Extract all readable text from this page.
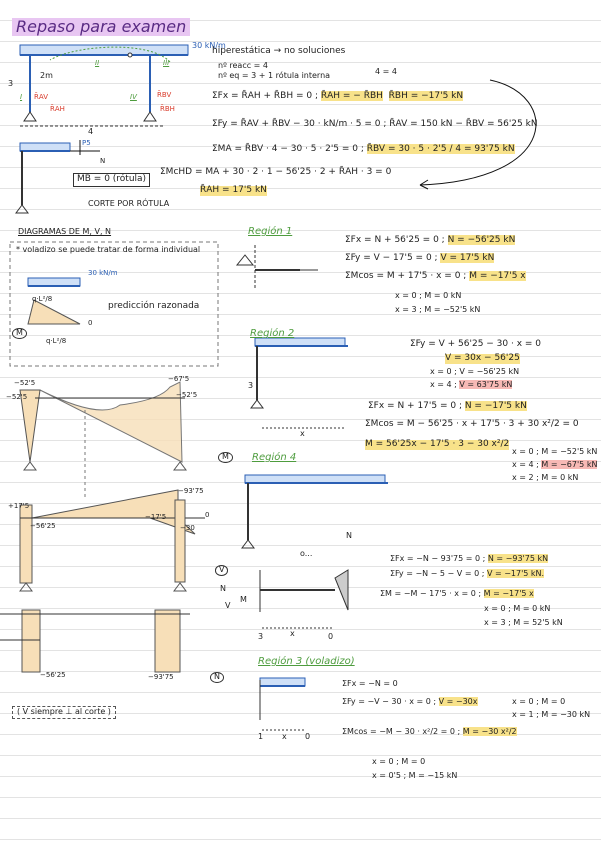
Repaso para examen
30 kN/m
hiperestática → no soluciones
nº reacc = 4
nº eq = 3 + 1 rótula interna	4 = 4
2m
3
4
I
II	III
IV
R̄AV
R̄AH
R̄BV
R̄BH
ΣFx = R̄AH + R̄BH = 0 ; R̄AH = − R̄BH R̄BH = −17'5 kN
ΣFy = R̄AV + R̄BV − 30 · kN/m · 5 = 0 ; R̄AV = 150 kN − R̄BV = 56'25 kN
ΣMA = R̄BV · 4 − 30 · 5 · 2'5 = 0 ; R̄BV = 30 · 5 · 2'5 / 4 = 93'75 kN
ΣMcHD = MA + 30 · 2 · 1 − 56'25 · 2 + R̄AH · 3 = 0
R̄AH = 17'5 kN
P5
N
MB = 0 (rótula)
CORTE POR RÓTULA
DIAGRAMAS DE M, V, N
* voladizo se puede tratar de forma individual
30 kN/m
predicción razonada
q·L²/8
q·L²/8
0
M
−52'5
−52'5
−67'5
−52'5
+17'5
−56'25
−17'5
−93'75
−56'25	−93'75
−30
0
Región 1
ΣFx = N + 56'25 = 0 ; N = −56'25 kN
ΣFy = V − 17'5 = 0 ; V = 17'5 kN
ΣMcos = M + 17'5 · x = 0 ; M = −17'5 x
x = 0 ; M = 0 kN
x = 3 ; M = −52'5 kN
Región 2
ΣFy = V + 56'25 − 30 · x = 0
V = 30x − 56'25
x = 0 ; V = −56'25 kN
x = 4 ; V = 63'75 kN
ΣFx = N + 17'5 = 0 ; N = −17'5 kN
ΣMcos = M − 56'25 · x + 17'5 · 3 + 30 x²/2 = 0
M = 56'25x − 17'5 · 3 − 30 x²/2
x = 0 ; M = −52'5 kN
x = 4 ; M = −67'5 kN
x = 2 ; M = 0 kN
3
x
M	Región 4
o...
N
ΣFx = −N − 93'75 = 0 ; N = −93'75 kN
ΣFy = −N − 5 − V = 0 ; V = −17'5 kN.
ΣM = −M − 17'5 · x = 0 ; M = −17'5 x
x = 0 ; M = 0 kN
x = 3 ; M = 52'5 kN
V
N
V
M
x
3	0
Región 3 (voladizo)
N
ΣFx = −N = 0
ΣFy = −V − 30 · x = 0 ; V = −30x	x = 0 ; M = 0
x = 1 ; M = −30 kN
ΣMcos = −M − 30 · x²/2 = 0 ; M = −30 x²/2
x = 0 ; M = 0
x = 0'5 ; M = −15 kN
x
1	0
( V siempre ⊥ al corte )
